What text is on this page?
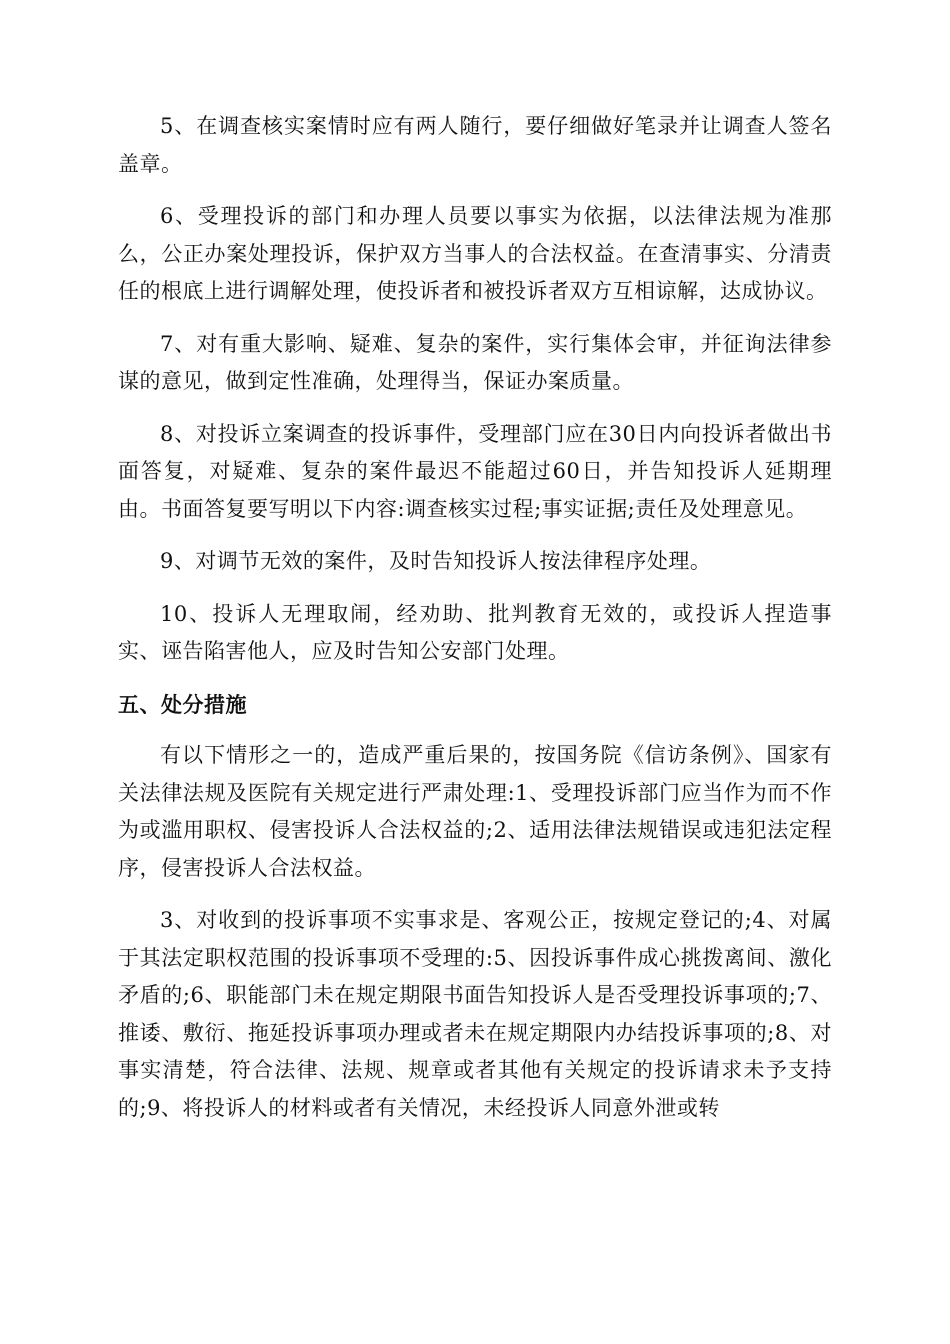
5、在调查核实案情时应有两人随行，要仔细做好笔录并让调查人签名盖章。

6、受理投诉的部门和办理人员要以事实为依据，以法律法规为准那么，公正办案处理投诉，保护双方当事人的合法权益。在查清事实、分清责任的根底上进行调解处理，使投诉者和被投诉者双方互相谅解，达成协议。

7、对有重大影响、疑难、复杂的案件，实行集体会审，并征询法律参谋的意见，做到定性准确，处理得当，保证办案质量。

8、对投诉立案调查的投诉事件，受理部门应在30日内向投诉者做出书面答复，对疑难、复杂的案件最迟不能超过60日，并告知投诉人延期理由。书面答复要写明以下内容:调查核实过程;事实证据;责任及处理意见。

9、对调节无效的案件，及时告知投诉人按法律程序处理。

10、投诉人无理取闹，经劝助、批判教育无效的，或投诉人捏造事实、诬告陷害他人，应及时告知公安部门处理。

五、处分措施

有以下情形之一的，造成严重后果的，按国务院《信访条例》、国家有关法律法规及医院有关规定进行严肃处理:1、受理投诉部门应当作为而不作为或滥用职权、侵害投诉人合法权益的;2、适用法律法规错误或违犯法定程序，侵害投诉人合法权益。

3、对收到的投诉事项不实事求是、客观公正，按规定登记的;4、对属于其法定职权范围的投诉事项不受理的:5、因投诉事件成心挑拨离间、激化矛盾的;6、职能部门未在规定期限书面告知投诉人是否受理投诉事项的;7、推诿、敷衍、拖延投诉事项办理或者未在规定期限内办结投诉事项的;8、对事实清楚，符合法律、法规、规章或者其他有关规定的投诉请求未予支持的;9、将投诉人的材料或者有关情况，未经投诉人同意外泄或转
